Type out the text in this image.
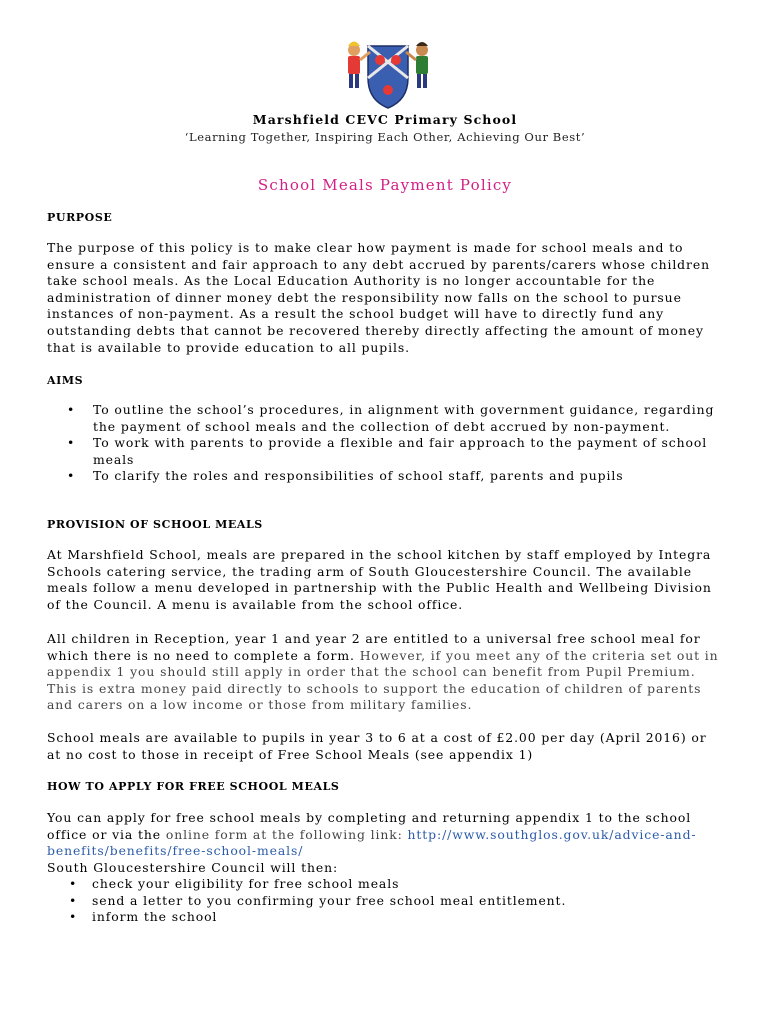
Marshfield CEVC Primary School
‘Learning Together, Inspiring Each Other, Achieving Our Best’
School Meals Payment Policy
PURPOSE

The purpose of this policy is to make clear how payment is made for school meals and to ensure a consistent and fair approach to any debt accrued by parents/carers whose children take school meals. As the Local Education Authority is no longer accountable for the administration of dinner money debt the responsibility now falls on the school to pursue instances of non-payment. As a result the school budget will have to directly fund any outstanding debts that cannot be recovered thereby directly affecting the amount of money that is available to provide education to all pupils.

AIMS
• To outline the school’s procedures, in alignment with government guidance, regarding the payment of school meals and the collection of debt accrued by non-payment.
• To work with parents to provide a flexible and fair approach to the payment of school meals
• To clarify the roles and responsibilities of school staff, parents and pupils
PROVISION OF SCHOOL MEALS

At Marshfield School, meals are prepared in the school kitchen by staff employed by Integra Schools catering service, the trading arm of South Gloucestershire Council. The available meals follow a menu developed in partnership with the Public Health and Wellbeing Division of the Council. A menu is available from the school office.

All children in Reception, year 1 and year 2 are entitled to a universal free school meal for which there is no need to complete a form. However, if you meet any of the criteria set out in appendix 1 you should still apply in order that the school can benefit from Pupil Premium. This is extra money paid directly to schools to support the education of children of parents and carers on a low income or those from military families.

School meals are available to pupils in year 3 to 6 at a cost of £2.00 per day (April 2016) or at no cost to those in receipt of Free School Meals (see appendix 1)

HOW TO APPLY FOR FREE SCHOOL MEALS

You can apply for free school meals by completing and returning appendix 1 to the school office or via the online form at the following link: http://www.southglos.gov.uk/advice-and-benefits/benefits/free-school-meals/
South Gloucestershire Council will then:

• check your eligibility for free school meals
• send a letter to you confirming your free school meal entitlement.
• inform the school
